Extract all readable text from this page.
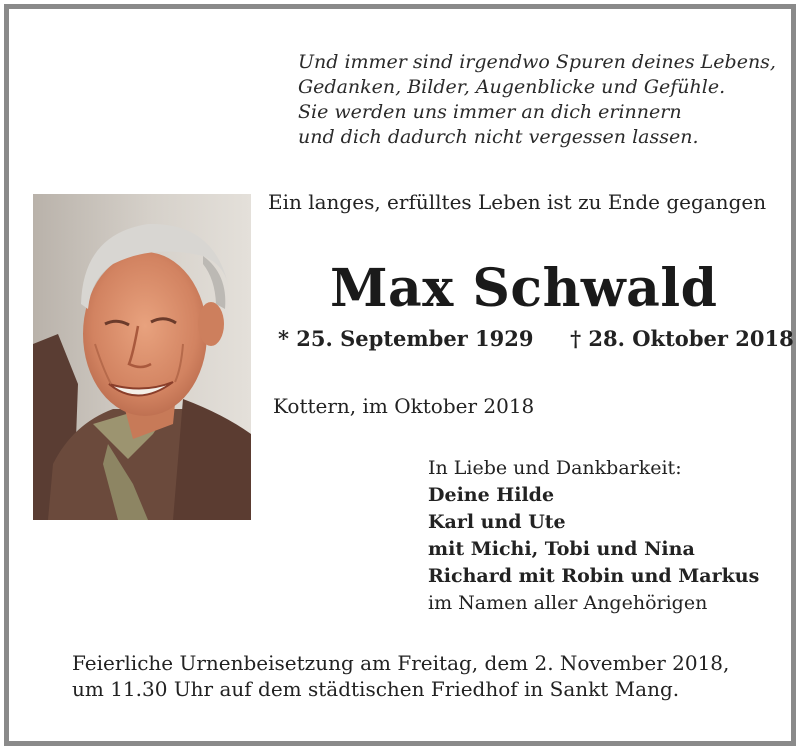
Und immer sind irgendwo Spuren deines Lebens,
Gedanken, Bilder, Augenblicke und Gefühle.
Sie werden uns immer an dich erinnern
und dich dadurch nicht vergessen lassen.
Ein langes, erfülltes Leben ist zu Ende gegangen
Max Schwald
* 25. September 1929 † 28. Oktober 2018
Kottern, im Oktober 2018
In Liebe und Dankbarkeit:
Deine Hilde
Karl und Ute
mit Michi, Tobi und Nina
Richard mit Robin und Markus
im Namen aller Angehörigen
Feierliche Urnenbeisetzung am Freitag, dem 2. November 2018,
um 11.30 Uhr auf dem städtischen Friedhof in Sankt Mang.
